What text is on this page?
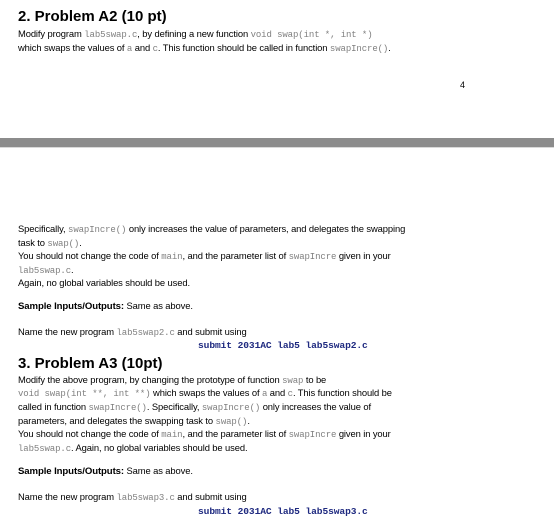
2. Problem A2 (10 pt)

Modify program lab5swap.c, by defining a new function void swap(int *, int *)

which swaps the values of a and c. This function should be called in function swapIncre().

4

Specifically, swapIncre() only increases the value of parameters, and delegates the swapping

task to swap().

You should not change the code of main, and the parameter list of swapIncre given in your

lab5swap.c.

Again, no global variables should be used.

Sample Inputs/Outputs: Same as above.

Name the new program lab5swap2.c and submit using

submit 2031AC lab5 lab5swap2.c

3. Problem A3 (10pt)

Modify the above program, by changing the prototype of function swap to be

void swap(int **, int **) which swaps the values of a and c. This function should be

called in function swapIncre(). Specifically, swapIncre() only increases the value of

parameters, and delegates the swapping task to swap().

You should not change the code of main, and the parameter list of swapIncre given in your

lab5swap.c. Again, no global variables should be used.

Sample Inputs/Outputs: Same as above.

Name the new program lab5swap3.c and submit using

submit 2031AC lab5 lab5swap3.c
